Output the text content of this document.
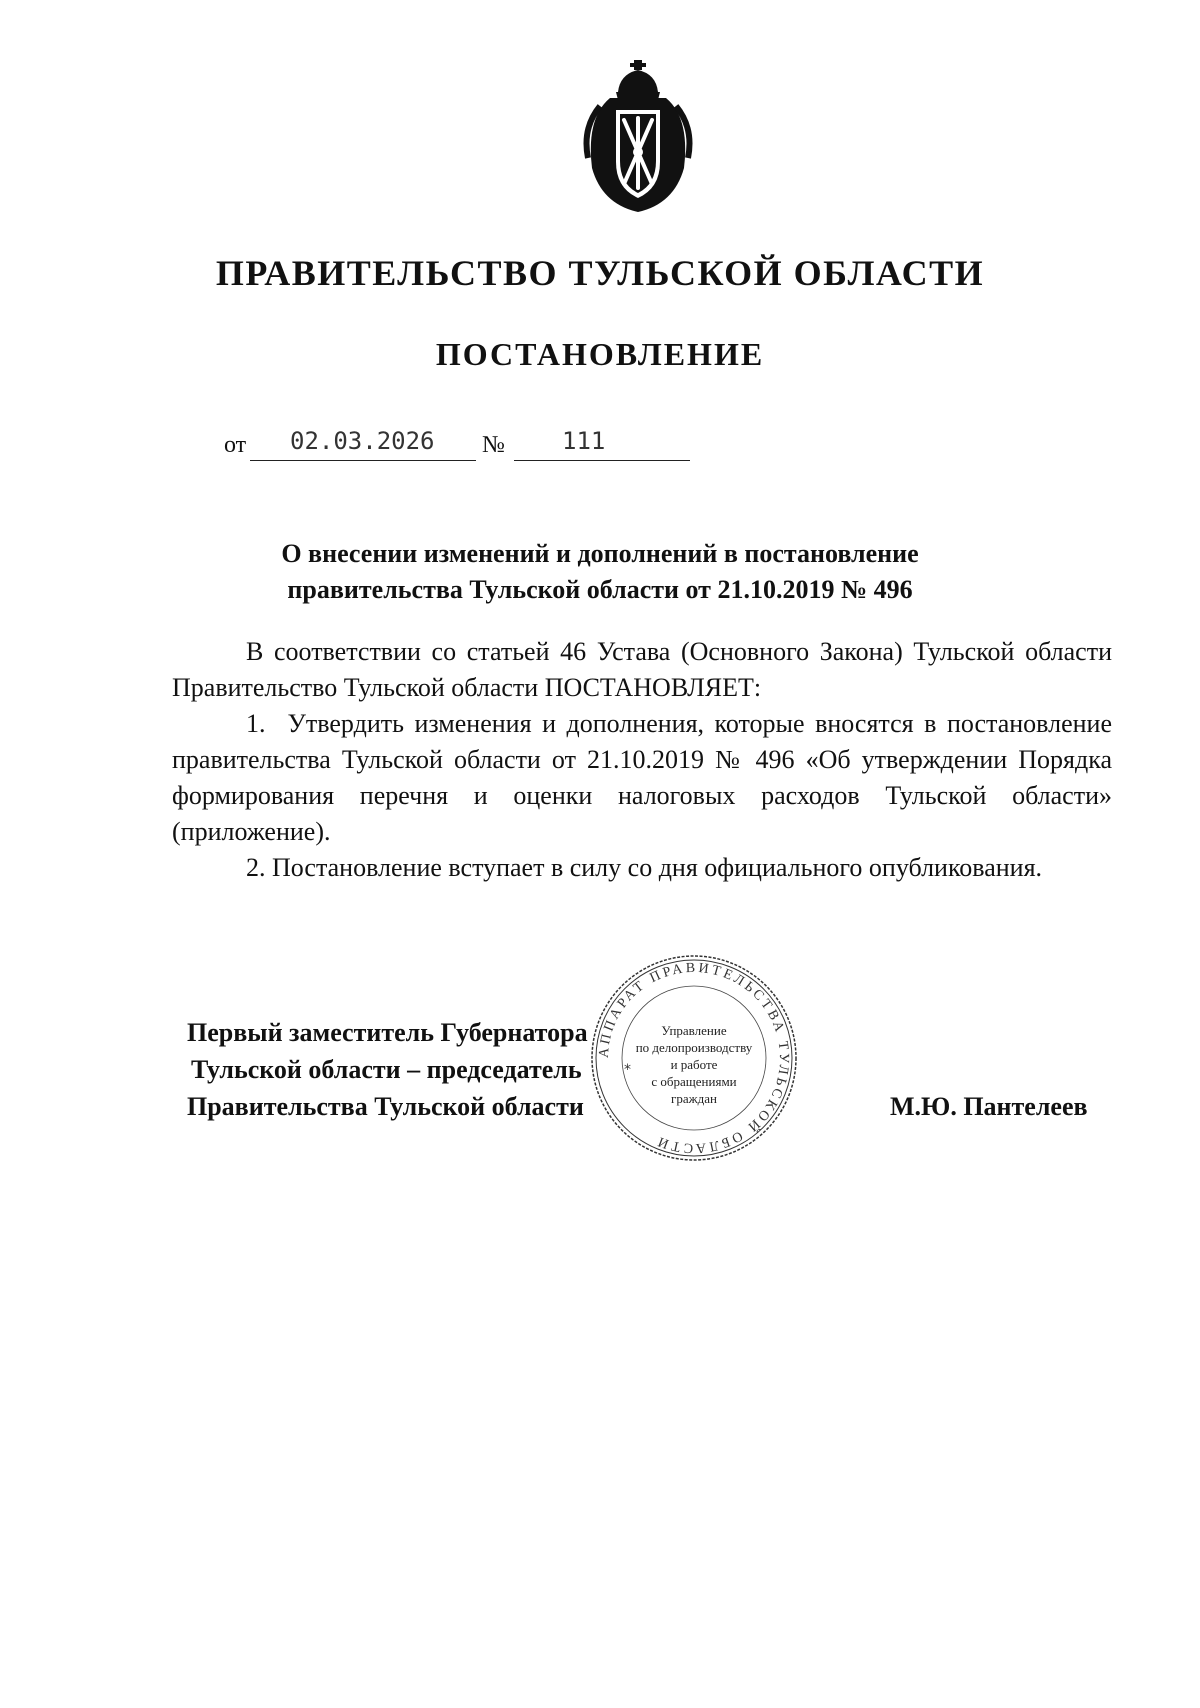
ПРАВИТЕЛЬСТВО ТУЛЬСКОЙ ОБЛАСТИ
ПОСТАНОВЛЕНИЕ
от 02.03.2026 № 111
О внесении изменений и дополнений в постановление
правительства Тульской области от 21.10.2019 № 496

В соответствии со статьей 46 Устава (Основного Закона) Тульской области Правительство Тульской области ПОСТАНОВЛЯЕТ:

1. Утвердить изменения и дополнения, которые вносятся в постановление правительства Тульской области от 21.10.2019 № 496 «Об утверждении Порядка формирования перечня и оценки налоговых расходов Тульской области» (приложение).

2. Постановление вступает в силу со дня официального опубликования.

Первый заместитель Губернатора
Тульской области – председатель
Правительства Тульской области	М.Ю. Пантелеев
АППАРАТ ПРАВИТЕЛЬСТВА ТУЛЬСКОЙ ОБЛАСТИ
*
Управление
по делопроизводству
и работе
с обращениями
граждан
